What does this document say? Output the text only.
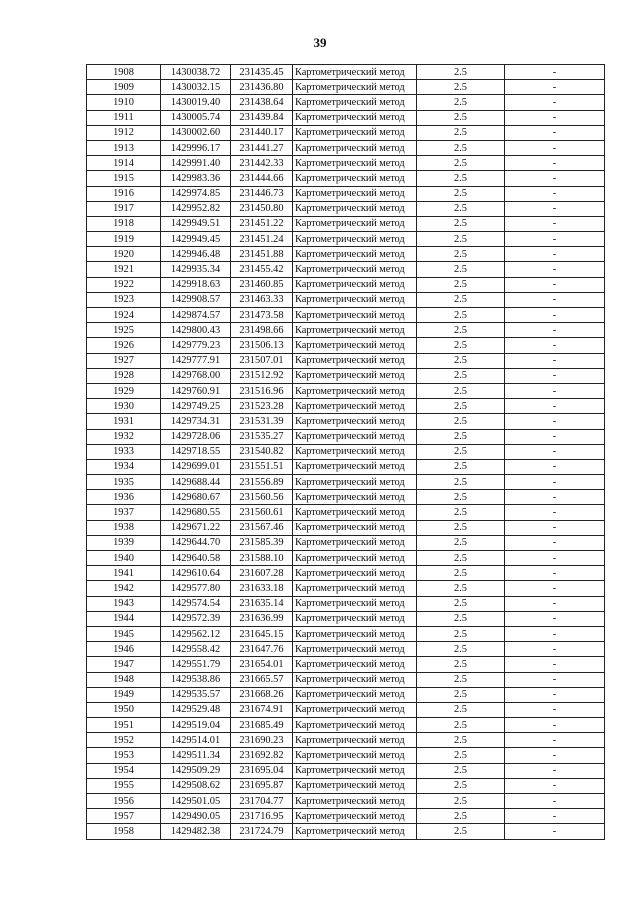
39
1908	1430038.72	231435.45	Картометрический метод	2.5	-
1909	1430032.15	231436.80	Картометрический метод	2.5	-
1910	1430019.40	231438.64	Картометрический метод	2.5	-
1911	1430005.74	231439.84	Картометрический метод	2.5	-
1912	1430002.60	231440.17	Картометрический метод	2.5	-
1913	1429996.17	231441.27	Картометрический метод	2.5	-
1914	1429991.40	231442.33	Картометрический метод	2.5	-
1915	1429983.36	231444.66	Картометрический метод	2.5	-
1916	1429974.85	231446.73	Картометрический метод	2.5	-
1917	1429952.82	231450.80	Картометрический метод	2.5	-
1918	1429949.51	231451.22	Картометрический метод	2.5	-
1919	1429949.45	231451.24	Картометрический метод	2.5	-
1920	1429946.48	231451.88	Картометрический метод	2.5	-
1921	1429935.34	231455.42	Картометрический метод	2.5	-
1922	1429918.63	231460.85	Картометрический метод	2.5	-
1923	1429908.57	231463.33	Картометрический метод	2.5	-
1924	1429874.57	231473.58	Картометрический метод	2.5	-
1925	1429800.43	231498.66	Картометрический метод	2.5	-
1926	1429779.23	231506.13	Картометрический метод	2.5	-
1927	1429777.91	231507.01	Картометрический метод	2.5	-
1928	1429768.00	231512.92	Картометрический метод	2.5	-
1929	1429760.91	231516.96	Картометрический метод	2.5	-
1930	1429749.25	231523.28	Картометрический метод	2.5	-
1931	1429734.31	231531.39	Картометрический метод	2.5	-
1932	1429728.06	231535.27	Картометрический метод	2.5	-
1933	1429718.55	231540.82	Картометрический метод	2.5	-
1934	1429699.01	231551.51	Картометрический метод	2.5	-
1935	1429688.44	231556.89	Картометрический метод	2.5	-
1936	1429680.67	231560.56	Картометрический метод	2.5	-
1937	1429680.55	231560.61	Картометрический метод	2.5	-
1938	1429671.22	231567.46	Картометрический метод	2.5	-
1939	1429644.70	231585.39	Картометрический метод	2.5	-
1940	1429640.58	231588.10	Картометрический метод	2.5	-
1941	1429610.64	231607.28	Картометрический метод	2.5	-
1942	1429577.80	231633.18	Картометрический метод	2.5	-
1943	1429574.54	231635.14	Картометрический метод	2.5	-
1944	1429572.39	231636.99	Картометрический метод	2.5	-
1945	1429562.12	231645.15	Картометрический метод	2.5	-
1946	1429558.42	231647.76	Картометрический метод	2.5	-
1947	1429551.79	231654.01	Картометрический метод	2.5	-
1948	1429538.86	231665.57	Картометрический метод	2.5	-
1949	1429535.57	231668.26	Картометрический метод	2.5	-
1950	1429529.48	231674.91	Картометрический метод	2.5	-
1951	1429519.04	231685.49	Картометрический метод	2.5	-
1952	1429514.01	231690.23	Картометрический метод	2.5	-
1953	1429511.34	231692.82	Картометрический метод	2.5	-
1954	1429509.29	231695.04	Картометрический метод	2.5	-
1955	1429508.62	231695.87	Картометрический метод	2.5	-
1956	1429501.05	231704.77	Картометрический метод	2.5	-
1957	1429490.05	231716.95	Картометрический метод	2.5	-
1958	1429482.38	231724.79	Картометрический метод	2.5	-
